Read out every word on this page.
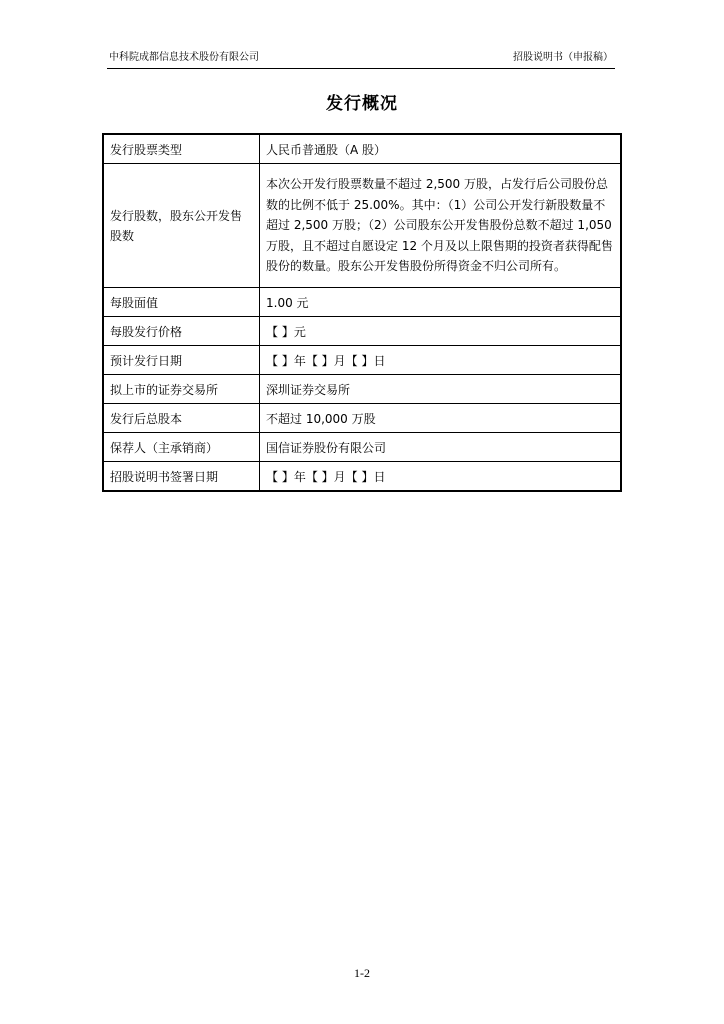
中科院成都信息技术股份有限公司	招股说明书（申报稿）
发行概况
发行股票类型	人民币普通股（A 股）
发行股数，股东公开发售股数	本次公开发行股票数量不超过 2,500 万股，占发行后公司股份总数的比例不低于 25.00%。其中：（1）公司公开发行新股数量不超过 2,500 万股；（2）公司股东公开发售股份总数不超过 1,050 万股，且不超过自愿设定 12 个月及以上限售期的投资者获得配售股份的数量。股东公开发售股份所得资金不归公司所有。
每股面值	1.00 元
每股发行价格	【 】元
预计发行日期	【 】年【 】月【 】日
拟上市的证券交易所	深圳证券交易所
发行后总股本	不超过 10,000 万股
保荐人（主承销商）	国信证券股份有限公司
招股说明书签署日期	【 】年【 】月【 】日
1-2
